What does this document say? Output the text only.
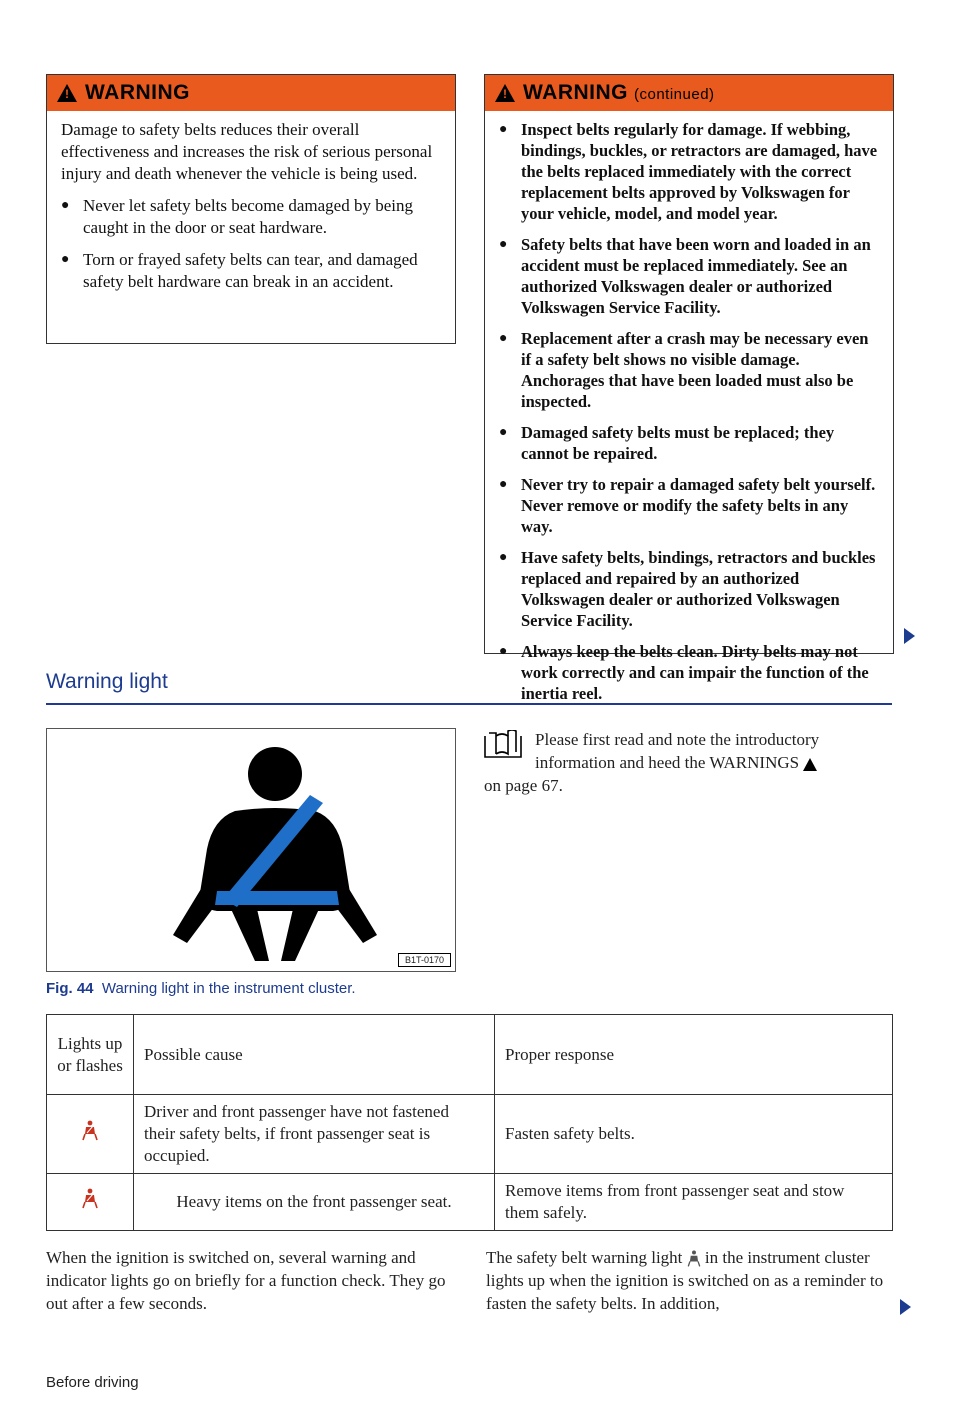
!
WARNING

Damage to safety belts reduces their overall effectiveness and increases the risk of serious personal injury and death whenever the vehicle is being used.

● Never let safety belts become damaged by being caught in the door or seat hardware.
● Torn or frayed safety belts can tear, and damaged safety belt hardware can break in an accident.
!
WARNING (continued)
● Inspect belts regularly for damage. If webbing, bindings, buckles, or retractors are damaged, have the belts replaced immediately with the correct replacement belts approved by Volkswagen for your vehicle, model, and model year.
● Safety belts that have been worn and loaded in an accident must be replaced immediately. See an authorized Volkswagen dealer or authorized Volkswagen Service Facility.
● Replacement after a crash may be necessary even if a safety belt shows no visible damage. Anchorages that have been loaded must also be inspected.
● Damaged safety belts must be replaced; they cannot be repaired.
● Never try to repair a damaged safety belt yourself. Never remove or modify the safety belts in any way.
● Have safety belts, bindings, retractors and buckles replaced and repaired by an authorized Volkswagen dealer or authorized Volkswagen Service Facility.
● Always keep the belts clean. Dirty belts may not work correctly and can impair the function of the inertia reel.
Warning light
B1T-0170
Fig. 44 Warning light in the instrument cluster.
Please first read and note the introductory
information and heed the WARNINGS
on page 67.
Lights up or flashes	Possible cause	Proper response
	Driver and front passenger have not fastened their safety belts, if front passenger seat is occupied.	Fasten safety belts.
	Heavy items on the front passenger seat.	Remove items from front passenger seat and stow them safely.
When the ignition is switched on, several warning and indicator lights go on briefly for a function check. They go out after a few seconds.
The safety belt warning light in the instrument cluster lights up when the ignition is switched on as a reminder to fasten the safety belts. In addition,
Before driving
